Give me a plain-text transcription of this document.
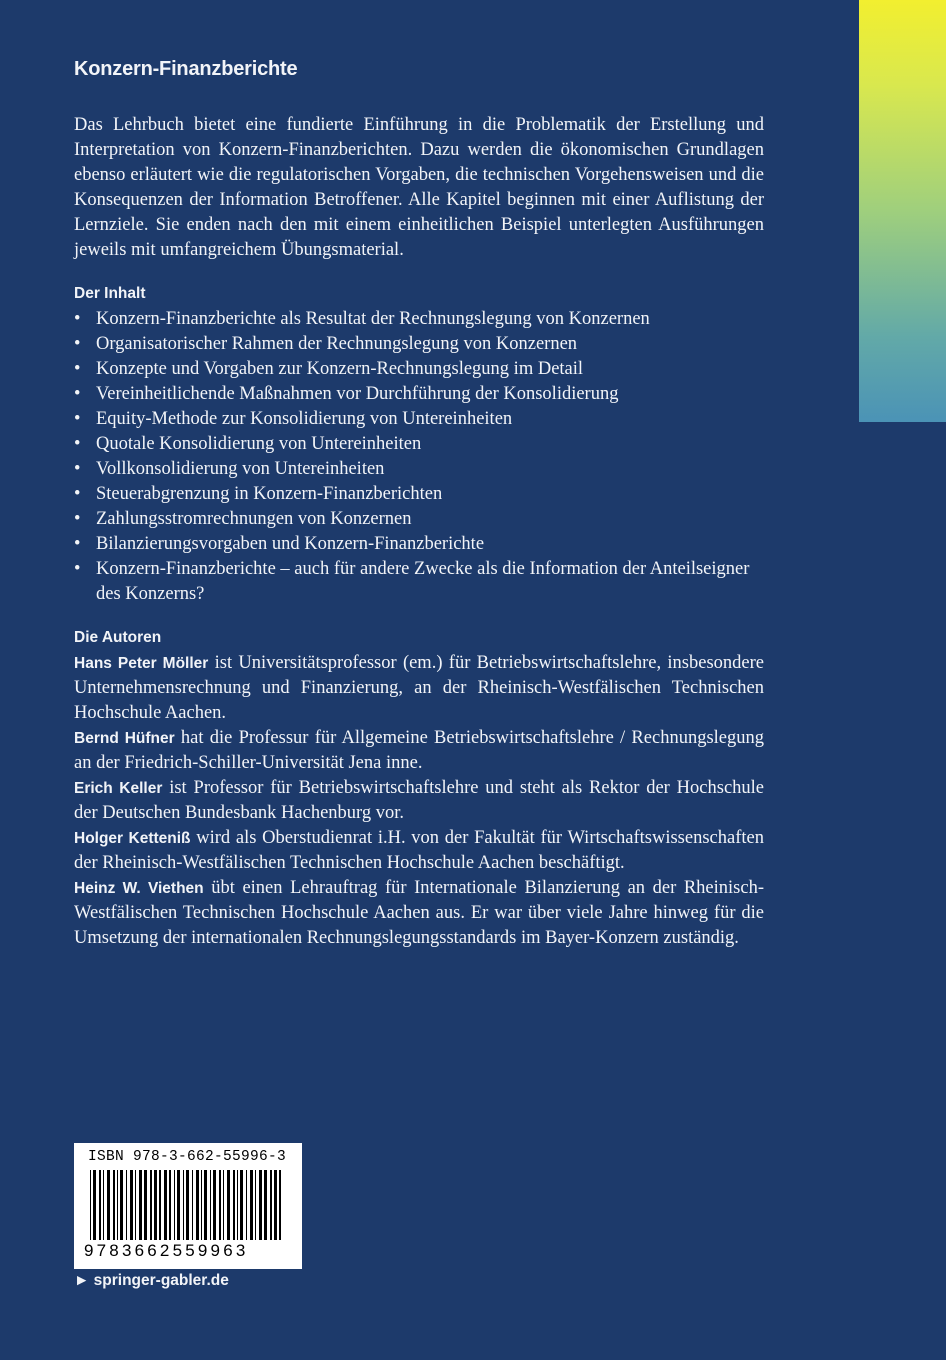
Konzern-Finanzberichte

Das Lehrbuch bietet eine fundierte Einführung in die Problematik der Erstellung und Interpretation von Konzern-Finanzberichten. Dazu werden die ökonomischen Grundlagen ebenso erläutert wie die regulatorischen Vorgaben, die technischen Vorgehensweisen und die Konsequenzen der Information Betroffener. Alle Kapitel beginnen mit einer Auflistung der Lernziele. Sie enden nach den mit einem einheitlichen Beispiel unterlegten Ausführungen jeweils mit umfangreichem Übungsmaterial.

Der Inhalt
• Konzern-Finanzberichte als Resultat der Rechnungslegung von Konzernen
• Organisatorischer Rahmen der Rechnungslegung von Konzernen
• Konzepte und Vorgaben zur Konzern-Rechnungslegung im Detail
• Vereinheitlichende Maßnahmen vor Durchführung der Konsolidierung
• Equity-Methode zur Konsolidierung von Untereinheiten
• Quotale Konsolidierung von Untereinheiten
• Vollkonsolidierung von Untereinheiten
• Steuerabgrenzung in Konzern-Finanzberichten
• Zahlungsstromrechnungen von Konzernen
• Bilanzierungsvorgaben und Konzern-Finanzberichte
• Konzern-Finanzberichte – auch für andere Zwecke als die Information der Anteilseigner des Konzerns?
Die Autoren

Hans Peter Möller ist Universitätsprofessor (em.) für Betriebswirtschaftslehre, insbesondere Unternehmensrechnung und Finanzierung, an der Rheinisch-Westfälischen Technischen Hochschule Aachen.

Bernd Hüfner hat die Professur für Allgemeine Betriebswirtschaftslehre / Rechnungslegung an der Friedrich-Schiller-Universität Jena inne.

Erich Keller ist Professor für Betriebswirtschaftslehre und steht als Rektor der Hochschule der Deutschen Bundesbank Hachenburg vor.

Holger Ketteniß wird als Oberstudienrat i.H. von der Fakultät für Wirtschaftswissenschaften der Rheinisch-Westfälischen Technischen Hochschule Aachen beschäftigt.

Heinz W. Viethen übt einen Lehrauftrag für Internationale Bilanzierung an der Rheinisch-Westfälischen Technischen Hochschule Aachen aus. Er war über viele Jahre hinweg für die Umsetzung der internationalen Rechnungslegungsstandards im Bayer-Konzern zuständig.

ISBN 978-3-662-55996-3
9783662559963
► springer-gabler.de
